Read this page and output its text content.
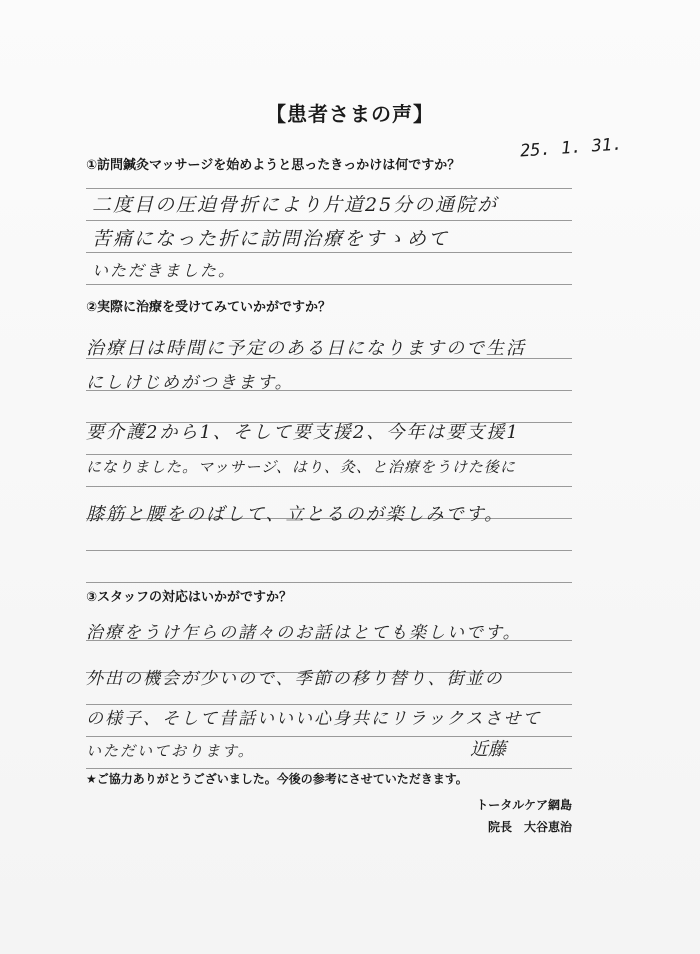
【患者さまの声】
25. 1. 31.
①訪問鍼灸マッサージを始めようと思ったきっかけは何ですか？
二度目の圧迫骨折により片道25分の通院が
苦痛になった折に訪問治療をすゝめて
いただきました。
②実際に治療を受けてみていかがですか？
治療日は時間に予定のある日になりますので生活
にしけじめがつきます。
要介護2から1、そして要支援2、今年は要支援1
になりました。マッサージ、はり、灸、と治療をうけた後に
膝筋と腰をのばして、立とるのが楽しみです。
③スタッフの対応はいかがですか？
治療をうけ乍らの諸々のお話はとても楽しいです。
外出の機会が少いので、季節の移り替り、街並の
の様子、そして昔話いいい心身共にリラックスさせて
いただいております。	近藤
★ご協力ありがとうございました。今後の参考にさせていただきます。
トータルケア網島
院長　大谷恵治
